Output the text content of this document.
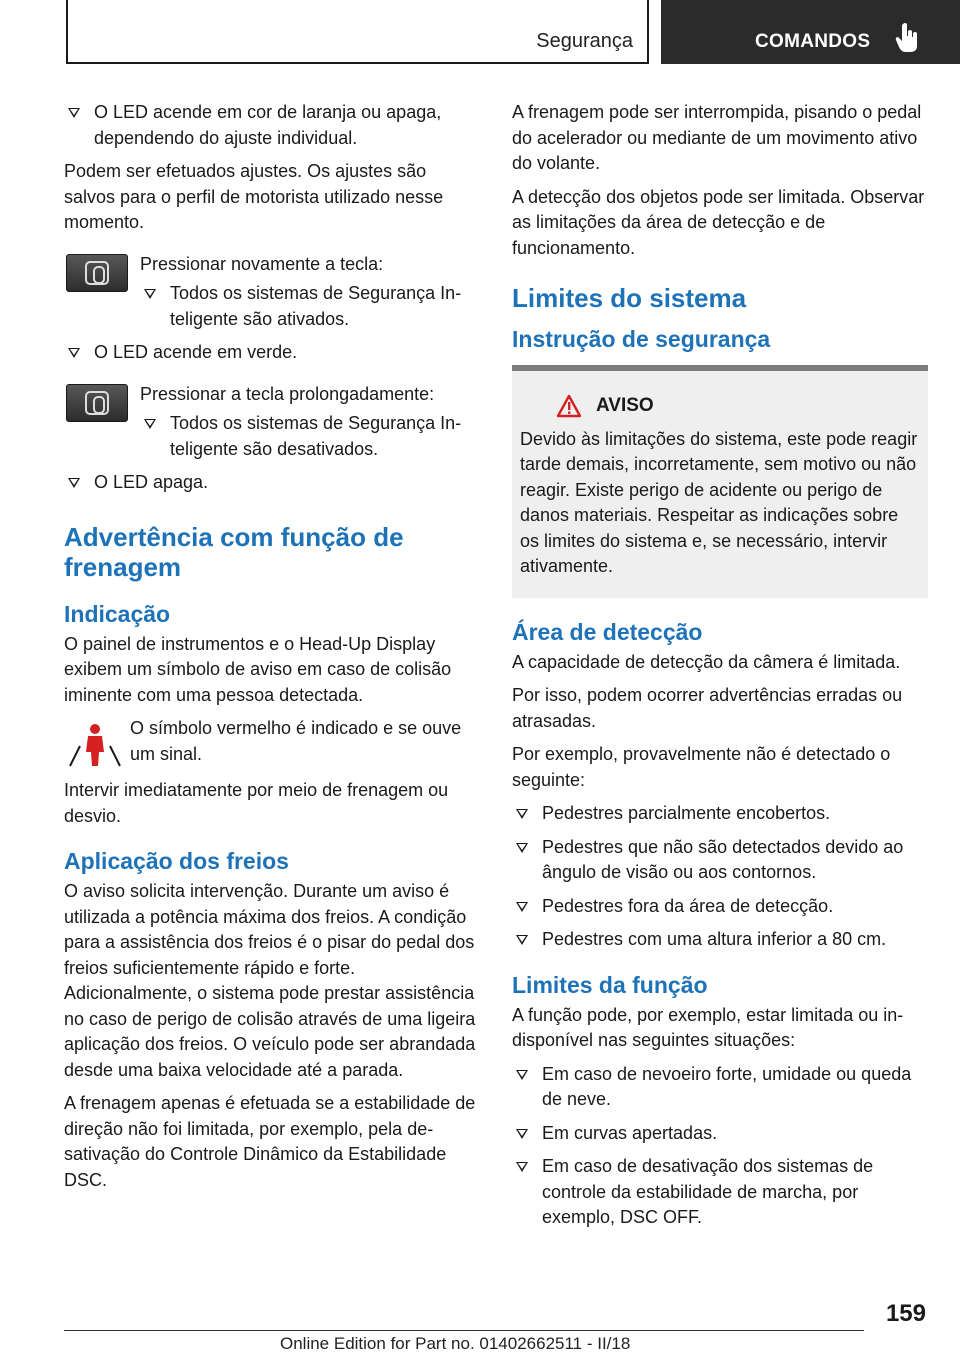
Segurança	COMANDOS
O LED acende em cor de laranja ou apaga, dependendo do ajuste individual.

Podem ser efetuados ajustes. Os ajustes são salvos para o perfil de motorista utilizado nesse momento.

Pressionar novamente a tecla:
Todos os sistemas de Segurança Inteligente são ativados.
O LED acende em verde.
Pressionar a tecla prolongadamente:
Todos os sistemas de Segurança Inteligente são desativados.
O LED apaga.
Advertência com função de frenagem
Indicação

O painel de instrumentos e o Head-Up Display exibem um símbolo de aviso em caso de colisão iminente com uma pessoa detectada.

O símbolo vermelho é indicado e se ouve um sinal.

Intervir imediatamente por meio de frenagem ou desvio.

Aplicação dos freios

O aviso solicita intervenção. Durante um aviso é utilizada a potência máxima dos freios. A condição para a assistência dos freios é o pisar do pedal dos freios suficientemente rápido e forte. Adicionalmente, o sistema pode prestar assistência no caso de perigo de colisão através de uma ligeira aplicação dos freios. O veículo pode ser abrandada desde uma baixa velocidade até a parada.

A frenagem apenas é efetuada se a estabilidade de direção não foi limitada, por exemplo, pela desativação do Controle Dinâmico da Estabilidade DSC.

A frenagem pode ser interrompida, pisando o pedal do acelerador ou mediante de um movimento ativo do volante.

A detecção dos objetos pode ser limitada. Observar as limitações da área de detecção e de funcionamento.

Limites do sistema
Instrução de segurança
AVISO
Devido às limitações do sistema, este pode reagir tarde demais, incorretamente, sem motivo ou não reagir. Existe perigo de acidente ou perigo de danos materiais. Respeitar as indicações sobre os limites do sistema e, se necessário, intervir ativamente.
Área de detecção

A capacidade de detecção da câmera é limitada.

Por isso, podem ocorrer advertências erradas ou atrasadas.

Por exemplo, provavelmente não é detectado o seguinte:

Pedestres parcialmente encobertos.
Pedestres que não são detectados devido ao ângulo de visão ou aos contornos.
Pedestres fora da área de detecção.
Pedestres com uma altura inferior a 80 cm.
Limites da função

A função pode, por exemplo, estar limitada ou indisponível nas seguintes situações:

Em caso de nevoeiro forte, umidade ou queda de neve.
Em curvas apertadas.
Em caso de desativação dos sistemas de controle da estabilidade de marcha, por exemplo, DSC OFF.
159
Online Edition for Part no. 01402662511 - II/18
